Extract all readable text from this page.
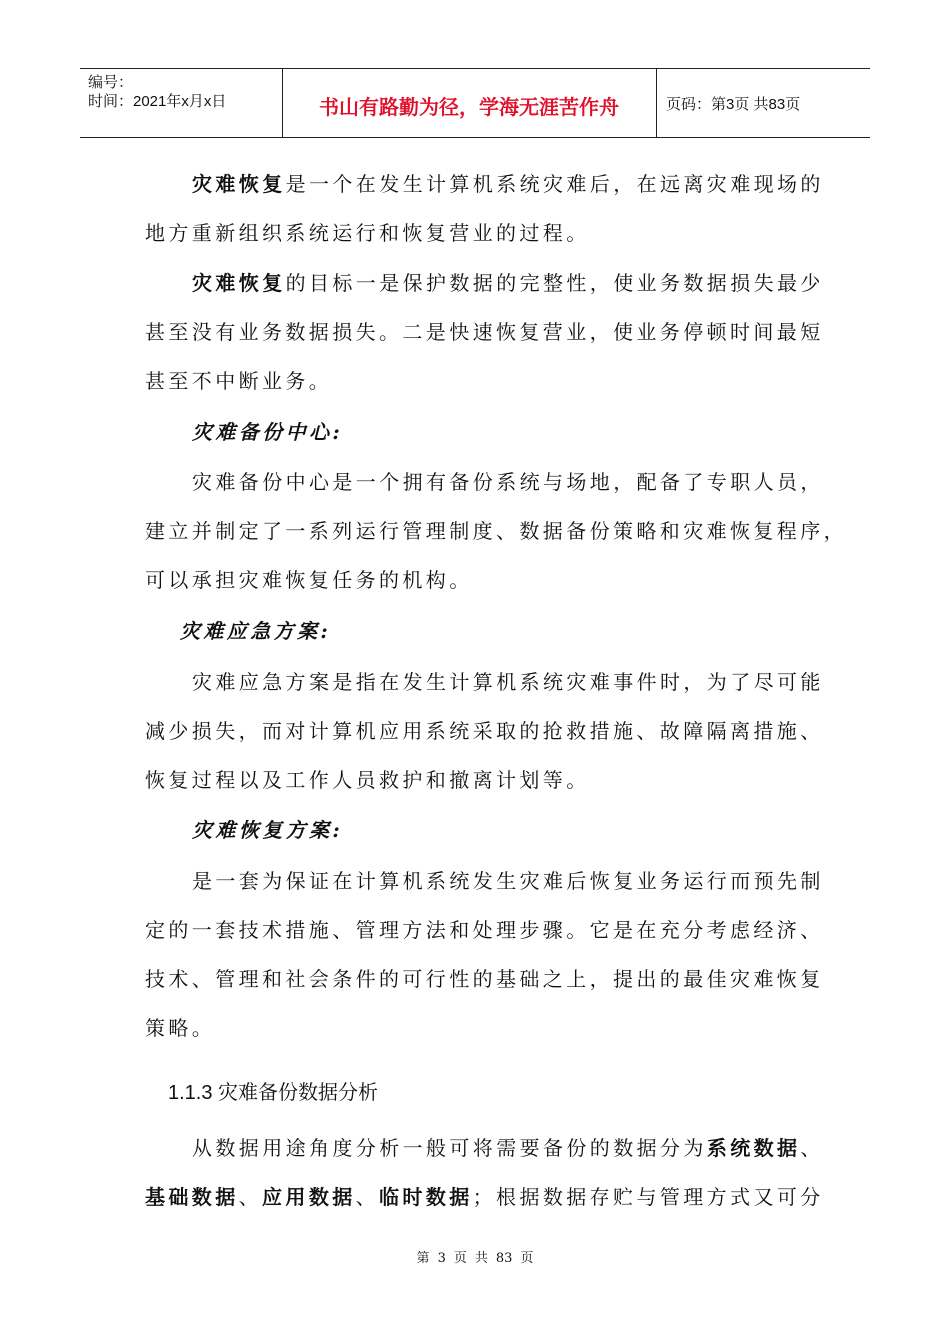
编号：
时间：2021年x月x日	书山有路勤为径，学海无涯苦作舟	页码：第3页 共83页
灾难恢复是一个在发生计算机系统灾难后，在远离灾难现场的
地方重新组织系统运行和恢复营业的过程。
灾难恢复的目标一是保护数据的完整性，使业务数据损失最少
甚至没有业务数据损失。二是快速恢复营业，使业务停顿时间最短
甚至不中断业务。
灾难备份中心:
灾难备份中心是一个拥有备份系统与场地，配备了专职人员，
建立并制定了一系列运行管理制度、数据备份策略和灾难恢复程序，
可以承担灾难恢复任务的机构。
灾难应急方案:
灾难应急方案是指在发生计算机系统灾难事件时，为了尽可能
减少损失，而对计算机应用系统采取的抢救措施、故障隔离措施、
恢复过程以及工作人员救护和撤离计划等。
灾难恢复方案:
是一套为保证在计算机系统发生灾难后恢复业务运行而预先制
定的一套技术措施、管理方法和处理步骤。它是在充分考虑经济、
技术、管理和社会条件的可行性的基础之上，提出的最佳灾难恢复
策略。
1.1.3 灾难备份数据分析
从数据用途角度分析一般可将需要备份的数据分为系统数据、
基础数据、应用数据、临时数据；根据数据存贮与管理方式又可分
第 3 页 共 83 页
